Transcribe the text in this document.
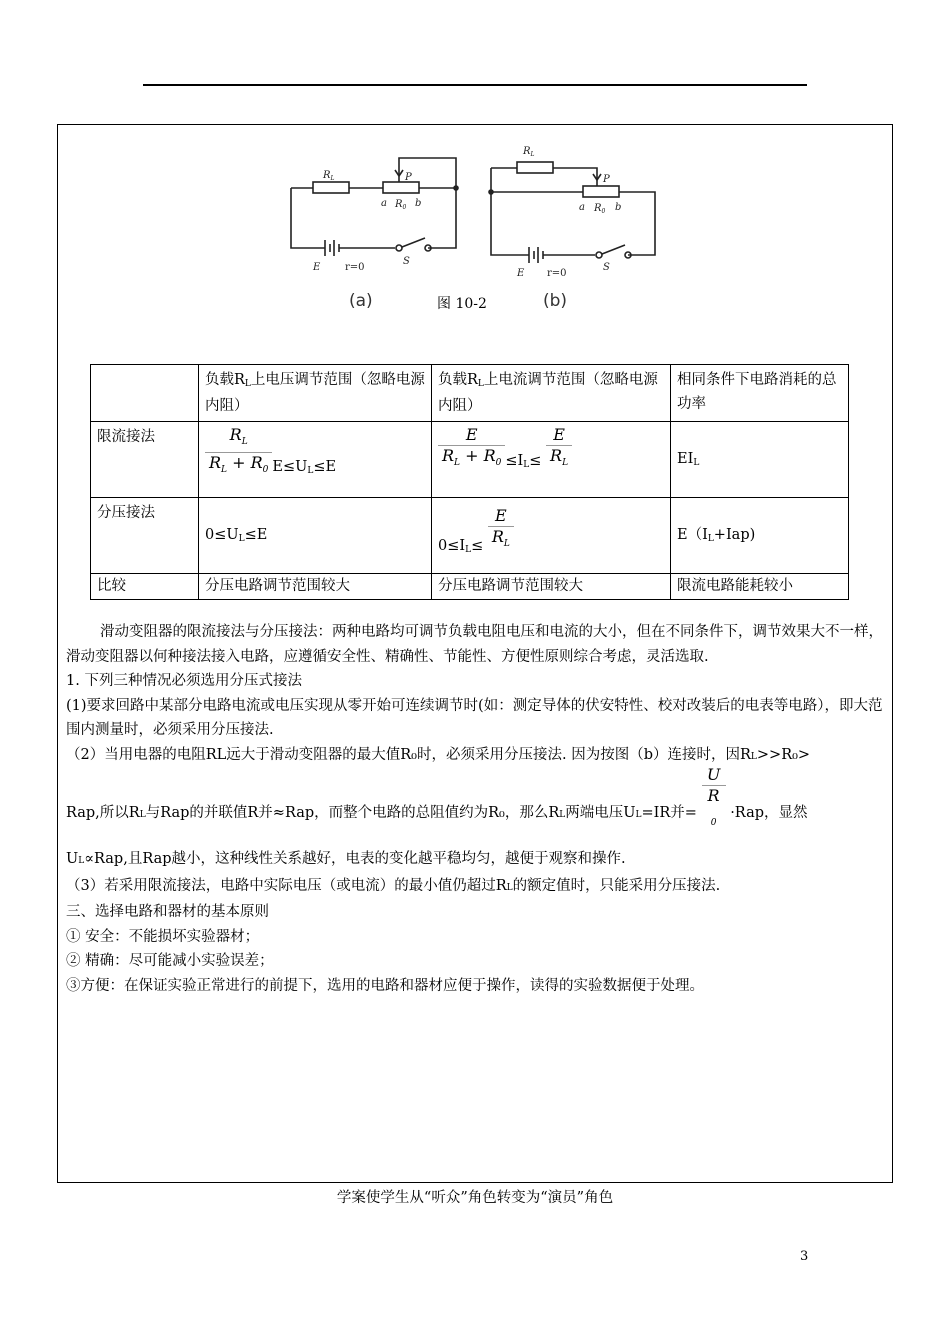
$R_L$	P
a $R_0$ b
E r=0
S
$R_L$
P
a $R_0$ b
E r=0
S
(a)	(b)
图 10-2
	负载RL上电压调节范围（忽略电源内阻）	负载RL上电流调节范围（忽略电源内阻）	相同条件下电路消耗的总功率
限流接法	$\frac{R_L}{R_L + R_0} E\le UL\le E$	$\frac{E}{R_L + R_0} \le IL\le \frac{E}{R_L}$	EIL
分压接法	0≤UL≤E	$0\le IL\le \frac{E}{R_L}$	E（IL+Iap)
比较	分压电路调节范围较大	分压电路调节范围较大	限流电路能耗较小

滑动变阻器的限流接法与分压接法：两种电路均可调节负载电阻电压和电流的大小，但在不同条件下，调节效果大不一样，滑动变阻器以何种接法接入电路，应遵循安全性、精确性、节能性、方便性原则综合考虑，灵活选取.

1. 下列三种情况必须选用分压式接法

(1)要求回路中某部分电路电流或电压实现从零开始可连续调节时(如：测定导体的伏安特性、校对改装后的电表等电路），即大范围内测量时，必须采用分压接法.

（2）当用电器的电阻RL远大于滑动变阻器的最大值R₀时，必须采用分压接法. 因为按图（b）连接时，因RL>>R₀>

Rap,所以RL与Rap的并联值R并≈Rap，而整个电路的总阻值约为R₀，那么RL两端电压UL=IR并= U
R
$_0$ ·Rap，显然

UL∝Rap,且Rap越小，这种线性关系越好，电表的变化越平稳均匀，越便于观察和操作.

（3）若采用限流接法，电路中实际电压（或电流）的最小值仍超过RL的额定值时，只能采用分压接法.

三、选择电路和器材的基本原则

① 安全：不能损坏实验器材；

② 精确：尽可能减小实验误差；

③方便：在保证实验正常进行的前提下，选用的电路和器材应便于操作，读得的实验数据便于处理。

学案使学生从“听众”角色转变为“演员”角色
3
